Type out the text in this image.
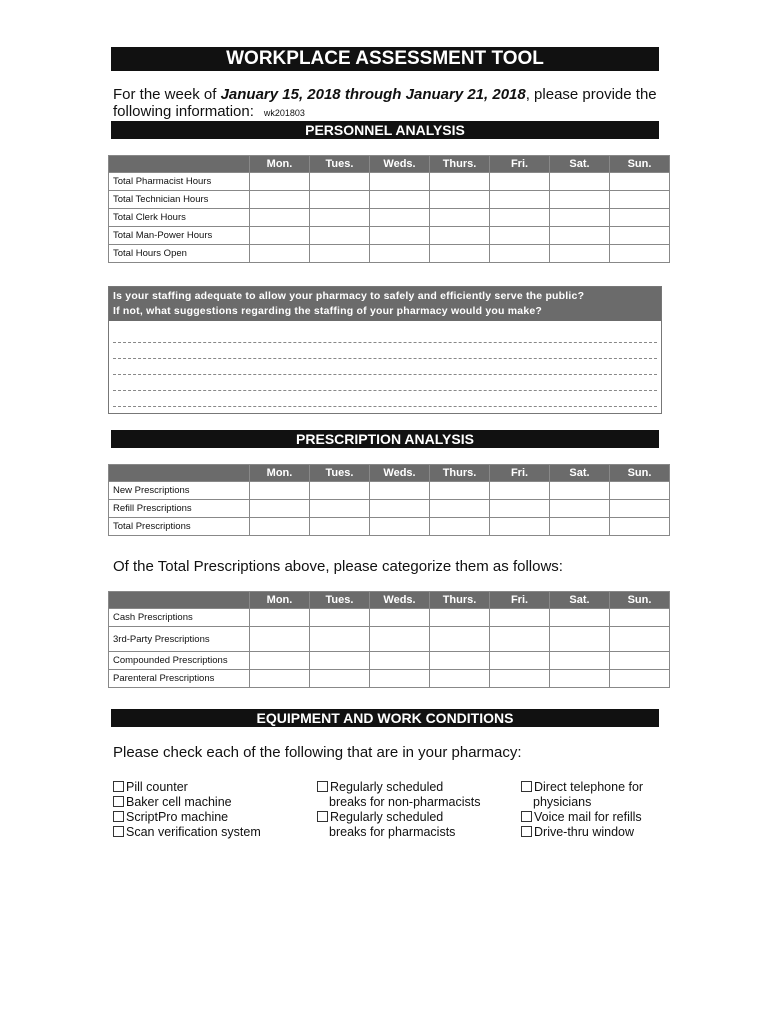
WORKPLACE ASSESSMENT TOOL
For the week of January 15, 2018 through January 21, 2018, please provide the following information: wk201803
PERSONNEL ANALYSIS
	Mon.	Tues.	Weds.	Thurs.	Fri.	Sat.	Sun.
Total Pharmacist Hours							
Total Technician Hours							
Total Clerk Hours							
Total Man-Power Hours							
Total Hours Open							
Is your staffing adequate to allow your pharmacy to safely and efficiently serve the public?
If not, what suggestions regarding the staffing of your pharmacy would you make?
PRESCRIPTION ANALYSIS
	Mon.	Tues.	Weds.	Thurs.	Fri.	Sat.	Sun.
New Prescriptions							
Refill Prescriptions							
Total Prescriptions							
Of the Total Prescriptions above, please categorize them as follows:
	Mon.	Tues.	Weds.	Thurs.	Fri.	Sat.	Sun.
Cash Prescriptions							
3rd-Party Prescriptions							
Compounded Prescriptions							
Parenteral Prescriptions							
EQUIPMENT AND WORK CONDITIONS
Please check each of the following that are in your pharmacy:
Pill counter
Baker cell machine
ScriptPro machine
Scan verification system
Regularly scheduled
breaks for non-pharmacists
Regularly scheduled
breaks for pharmacists
Direct telephone for
physicians
Voice mail for refills
Drive-thru window
